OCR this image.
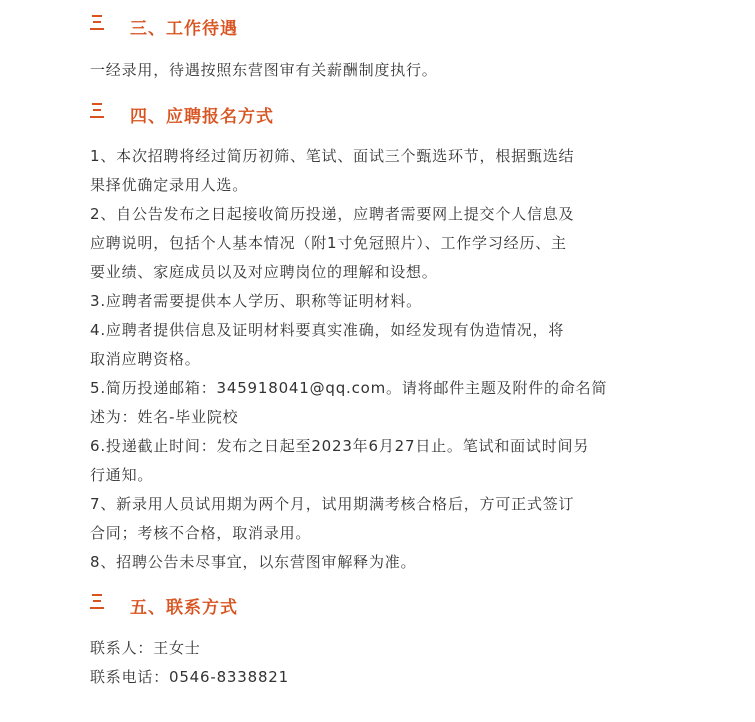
三、工作待遇
一经录用，待遇按照东营图审有关薪酬制度执行。
四、应聘报名方式
1、本次招聘将经过简历初筛、笔试、面试三个甄选环节，根据甄选结
果择优确定录用人选。
2、自公告发布之日起接收简历投递，应聘者需要网上提交个人信息及
应聘说明，包括个人基本情况（附1寸免冠照片）、工作学习经历、主
要业绩、家庭成员以及对应聘岗位的理解和设想。
3.应聘者需要提供本人学历、职称等证明材料。
4.应聘者提供信息及证明材料要真实准确，如经发现有伪造情况，将
取消应聘资格。
5.简历投递邮箱：345918041@qq.com。请将邮件主题及附件的命名简
述为：姓名-毕业院校
6.投递截止时间：发布之日起至2023年6月27日止。笔试和面试时间另
行通知。
7、新录用人员试用期为两个月，试用期满考核合格后，方可正式签订
合同；考核不合格，取消录用。
8、招聘公告未尽事宜，以东营图审解释为准。
五、联系方式
联系人：王女士
联系电话：0546-8338821
